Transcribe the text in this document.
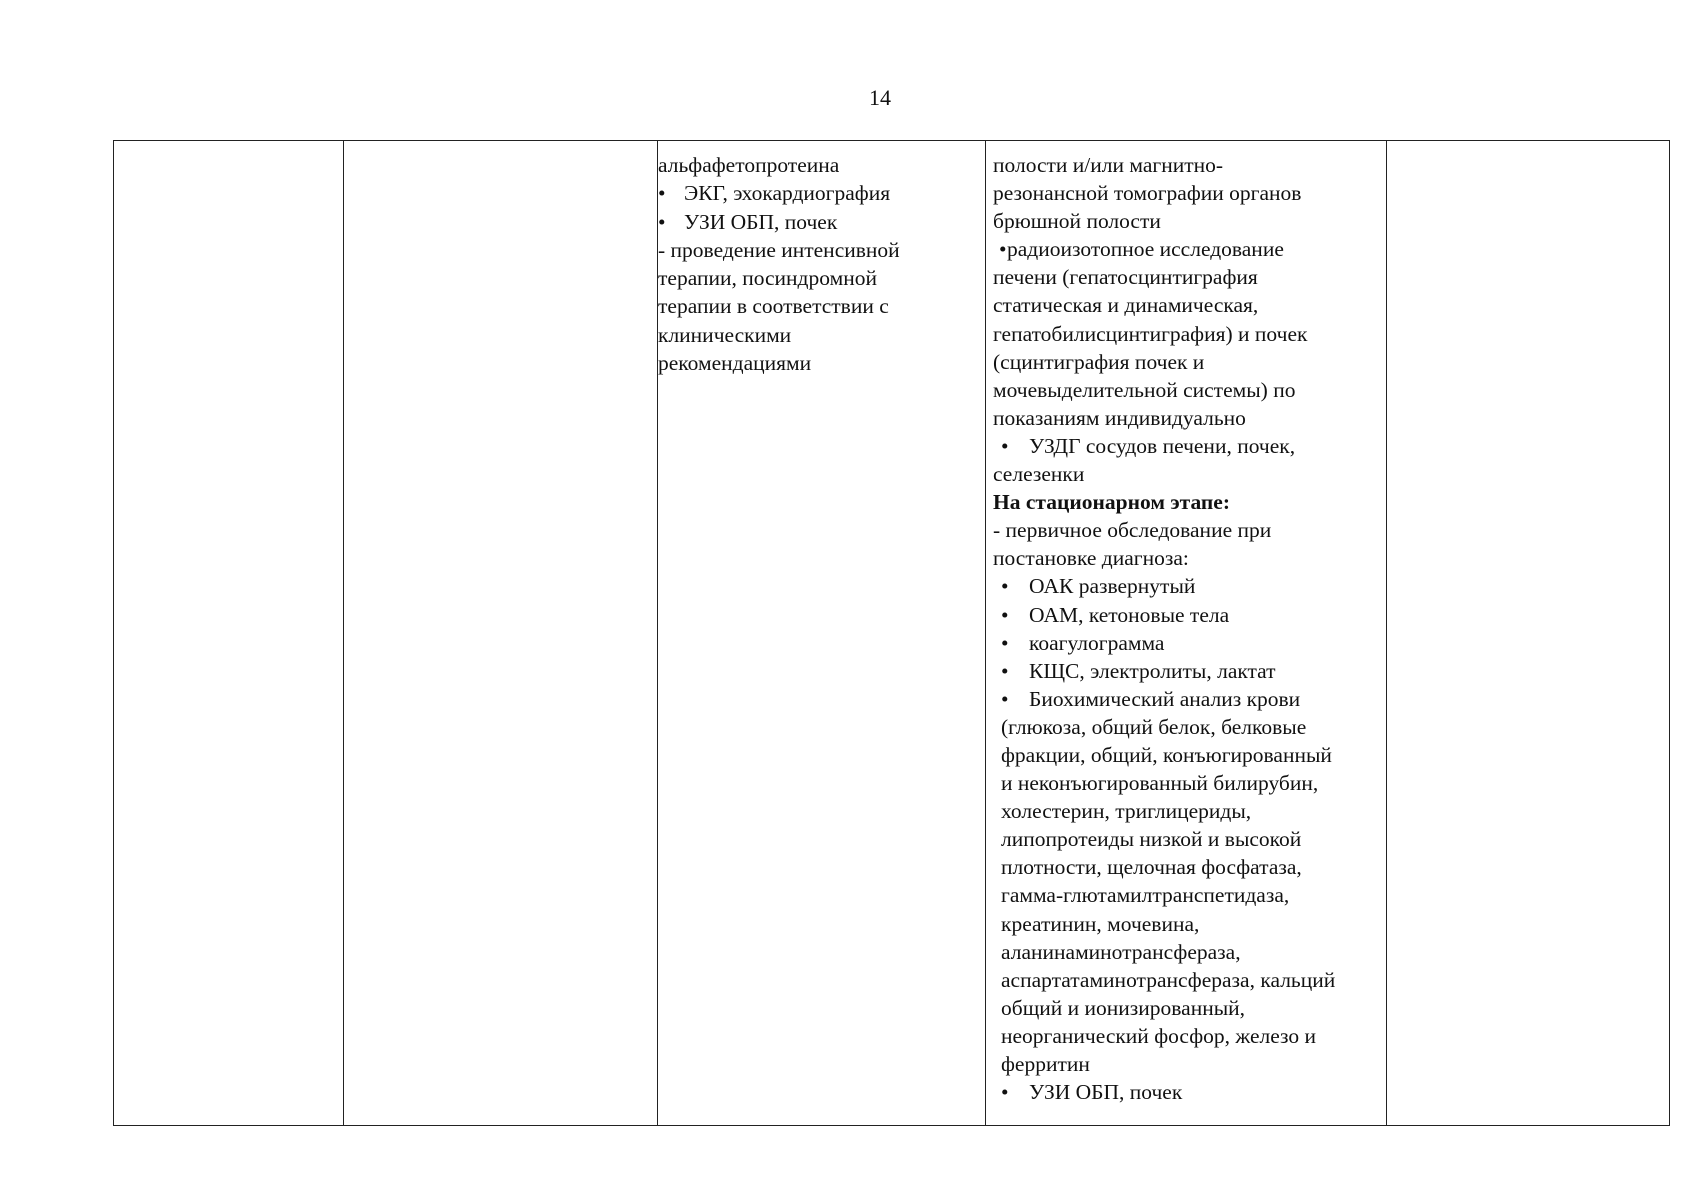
14
альфафетопротеина
• ЭКГ, эхокардиография
• УЗИ ОБП, почек
- проведение интенсивной
терапии, посиндромной
терапии в соответствии с
клиническими
рекомендациями
полости и/или магнитно-
резонансной томографии органов
брюшной полости
•радиоизотопное исследование
печени (гепатосцинтиграфия
статическая и динамическая,
гепатобилисцинтиграфия) и почек
(сцинтиграфия почек и
мочевыделительной системы) по
показаниям индивидуально
• УЗДГ сосудов печени, почек,
селезенки
На стационарном этапе:
- первичное обследование при
постановке диагноза:
• ОАК развернутый
• ОАМ, кетоновые тела
• коагулограмма
• КЩС, электролиты, лактат
• Биохимический анализ крови
(глюкоза, общий белок, белковые
фракции, общий, конъюгированный
и неконъюгированный билирубин,
холестерин, триглицериды,
липопротеиды низкой и высокой
плотности, щелочная фосфатаза,
гамма-глютамилтранспетидаза,
креатинин, мочевина,
аланинаминотрансфераза,
аспартатаминотрансфераза, кальций
общий и ионизированный,
неорганический фосфор, железо и
ферритин
• УЗИ ОБП, почек
